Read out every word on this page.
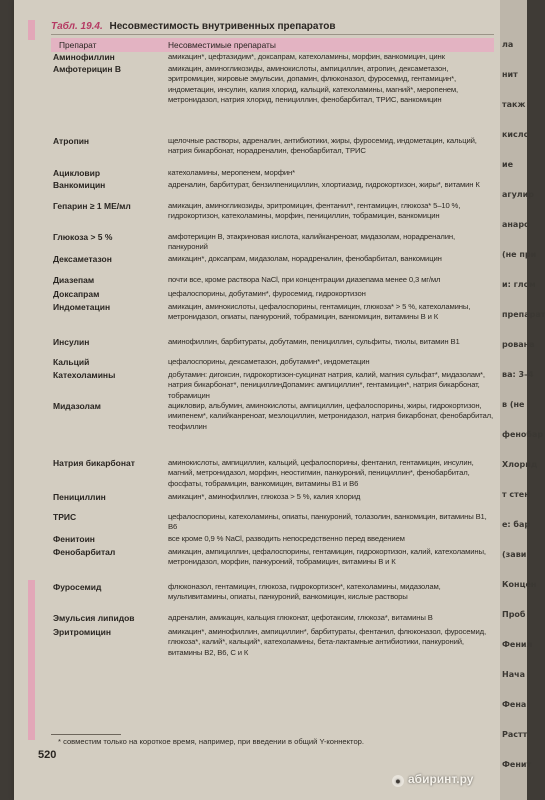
Табл. 19.4. Несовместимость внутривенных препаратов
Препарат	Несовместимые препараты
Аминофиллин	амикацин*, цефтазидим*, доксапрам, катехоламины, морфин, ванкомицин, цинк
Амфотерицин В	амикацин, аминогликозиды, аминокислоты, ампициллин, атропин, дексаметазон, эритромицин, жировые эмульсии, допамин, флюконазол, фуросемид, гентамицин*, индометацин, инсулин, калия хлорид, кальций, катехоламины, магний*, меропенем, метронидазол, натрия хлорид, пенициллин, фенобарбитал, ТРИС, ванкомицин
Атропин	щелочные растворы, адреналин, антибиотики, жиры, фуросемид, индометацин, кальций, натрия бикарбонат, норадреналин, фенобарбитал, ТРИС
Ацикловир	катехоламины, меропенем, морфин*
Ванкомицин	адреналин, барбитурат, бензилпенициллин, хлортиазид, гидрокортизон, жиры*, витамин К
Гепарин ≥ 1 МЕ/мл	амикацин, аминогликозиды, эритромицин, фентанил*, гентамицин, глюкоза* 5–10 %, гидрокортизон, катехоламины, морфин, пенициллин, тобрамицин, ванкомицин
Глюкоза > 5 %	амфотерицин В, этакриновая кислота, калийканреноат, мидазолам, норадреналин, панкуроний
Дексаметазон	амикацин*, доксапрам, мидазолам, норадреналин, фенобарбитал, ванкомицин
Диазепам	почти все, кроме раствора NaCl, при концентрации диазепама менее 0,3 мг/мл
Доксапрам	цефалоспорины, добутамин*, фуросемид, гидрокортизон
Индометацин	амикацин, аминокислоты, цефалоспорины, гентамицин, глюкоза* > 5 %, катехоламины, метронидазол, опиаты, панкуроний, тобрамицин, ванкомицин, витамины В и К
Инсулин	аминофиллин, барбитураты, добутамин, пенициллин, сульфиты, тиолы, витамин В1
Кальций	цефалоспорины, дексаметазон, добутамин*, индометацин
Катехоламины	добутамин: дигоксин, гидрокортизон-сукцинат натрия, калий, магния сульфат*, мидазолам*, натрия бикарбонат*, пенициллинДопамин: ампициллин*, гентамицин*, натрия бикарбонат, тобрамицин
Мидазолам	ацикловир, альбумин, аминокислоты, ампициллин, цефалоспорины, жиры, гидрокортизон, имипенем*, калийканреноат, мезлоциллин, метронидазол, натрия бикарбонат, фенобарбитал, теофиллин
Натрия бикарбонат	аминокислоты, ампициллин, кальций, цефалоспорины, фентанил, гентамицин, инсулин, магний, метронидазол, морфин, неостигмин, панкуроний, пенициллин*, фенобарбитал, фосфаты, тобрамицин, ванкомицин, витамины В1 и В6
Пенициллин	амикацин*, аминофиллин, глюкоза > 5 %, калия хлорид
ТРИС	цефалоспорины, катехоламины, опиаты, панкуроний, толазолин, ванкомицин, витамины В1, В6
Фенитоин	все кроме 0,9 % NaCl, разводить непосредственно перед введением
Фенобарбитал	амикацин, ампициллин, цефалоспорины, гентамицин, гидрокортизон, калий, катехоламины, метронидазол, морфин, панкуроний, тобрамицин, витамины В и К
Фуросемид	флюконазол, гентамицин, глюкоза, гидрокортизон*, катехоламины, мидазолам, мультивитамины, опиаты, панкуроний, ванкомицин, кислые растворы
Эмульсия липидов	адреналин, амикацин, кальция глюконат, цефотаксим, глюкоза*, витамины В
Эритромицин	амикацин*, аминофиллин, ампициллин*, барбитураты, фентанил, флюконазол, фуросемид, глюкоза*, калий*, кальций*, катехоламины, бета-лактамные антибиотики, панкуроний, витамины В2, В6, С и К
* совместим только на короткое время, например, при введении в общий Y-коннектор.
520
ла
нит
такж
кисло
ие
агулир
анаро
(не при
и: глом
препарат
рована
ва: 3–4
в (не
фенобар
Хлорид
т стен
е: бар
(зави
Концен
Проб
Фенил
Нача
Фена
Растт
Фенит
● абиринт.ру
